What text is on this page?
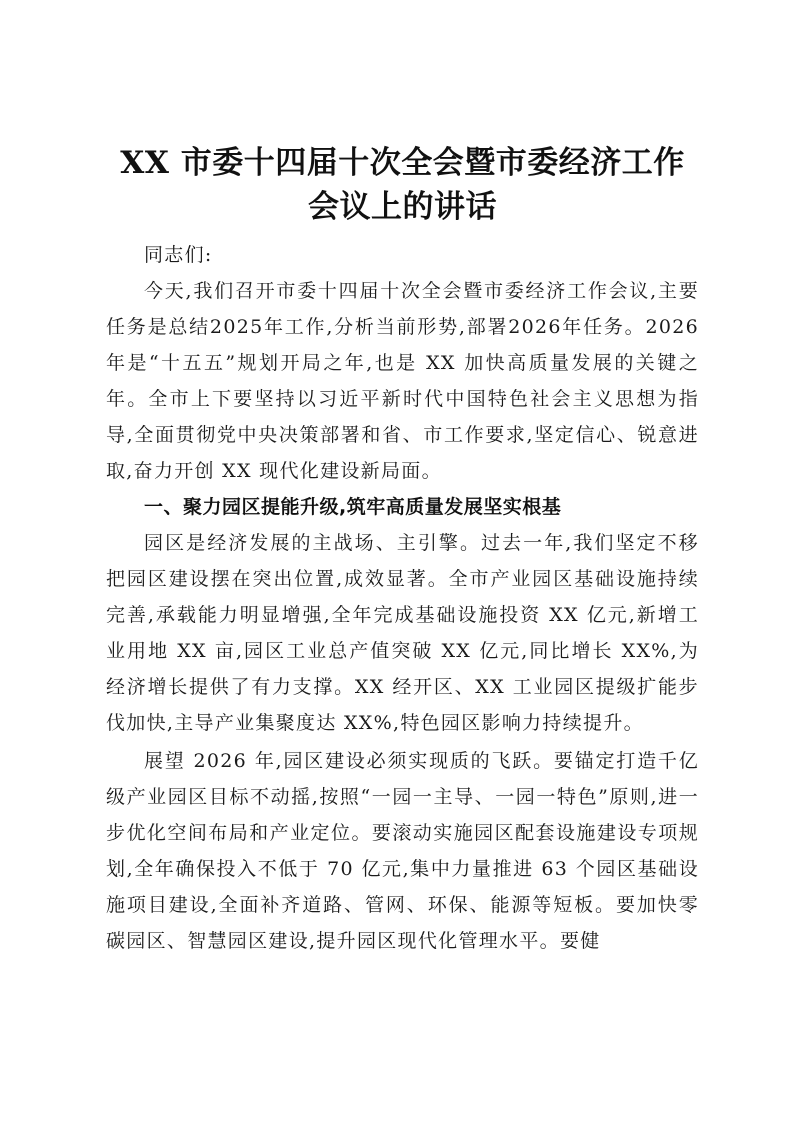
XX 市委十四届十次全会暨市委经济工作会议上的讲话

同志们:

今天,我们召开市委十四届十次全会暨市委经济工作会议,主要任务是总结2025年工作,分析当前形势,部署2026年任务。2026年是“十五五”规划开局之年,也是 XX 加快高质量发展的关键之年。全市上下要坚持以习近平新时代中国特色社会主义思想为指导,全面贯彻党中央决策部署和省、市工作要求,坚定信心、锐意进取,奋力开创 XX 现代化建设新局面。

一、聚力园区提能升级,筑牢高质量发展坚实根基

园区是经济发展的主战场、主引擎。过去一年,我们坚定不移把园区建设摆在突出位置,成效显著。全市产业园区基础设施持续完善,承载能力明显增强,全年完成基础设施投资 XX 亿元,新增工业用地 XX 亩,园区工业总产值突破 XX 亿元,同比增长 XX%,为经济增长提供了有力支撑。XX 经开区、XX 工业园区提级扩能步伐加快,主导产业集聚度达 XX%,特色园区影响力持续提升。

展望 2026 年,园区建设必须实现质的飞跃。要锚定打造千亿级产业园区目标不动摇,按照“一园一主导、一园一特色”原则,进一步优化空间布局和产业定位。要滚动实施园区配套设施建设专项规划,全年确保投入不低于 70 亿元,集中力量推进 63 个园区基础设施项目建设,全面补齐道路、管网、环保、能源等短板。要加快零碳园区、智慧园区建设,提升园区现代化管理水平。要健
